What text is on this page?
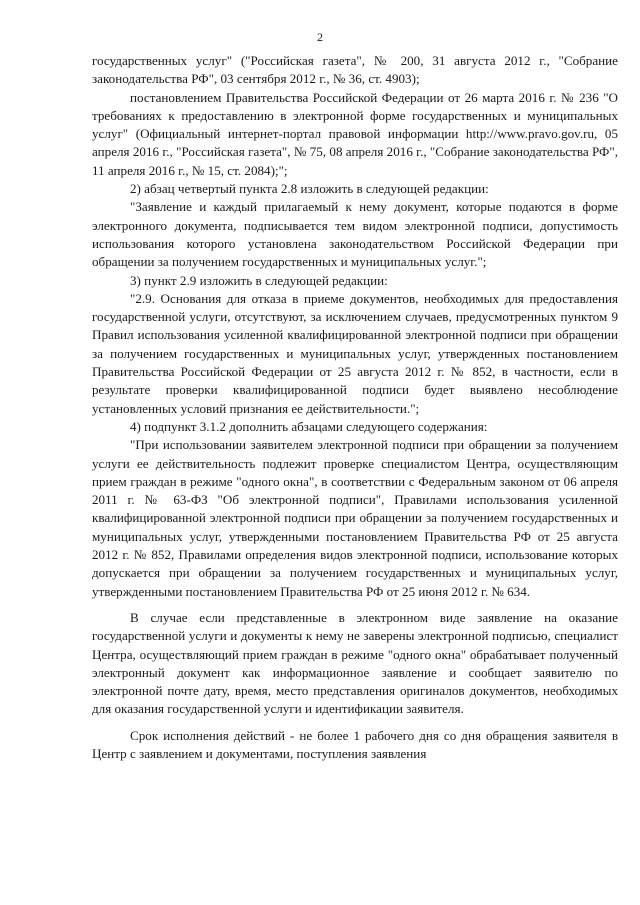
2

государственных услуг" ("Российская газета", № 200, 31 августа 2012 г., "Собрание законодательства РФ", 03 сентября 2012 г., № 36, ст. 4903);

постановлением Правительства Российской Федерации от 26 марта 2016 г. № 236 "О требованиях к предоставлению в электронной форме государственных и муниципальных услуг" (Официальный интернет-портал правовой информации http://www.pravo.gov.ru, 05 апреля 2016 г., "Российская газета", № 75, 08 апреля 2016 г., "Собрание законодательства РФ", 11 апреля 2016 г., № 15, ст. 2084);";

2) абзац четвертый пункта 2.8 изложить в следующей редакции:

"Заявление и каждый прилагаемый к нему документ, которые подаются в форме электронного документа, подписывается тем видом электронной подписи, допустимость использования которого установлена законодательством Российской Федерации при обращении за получением государственных и муниципальных услуг.";

3) пункт 2.9 изложить в следующей редакции:

"2.9. Основания для отказа в приеме документов, необходимых для предоставления государственной услуги, отсутствуют, за исключением случаев, предусмотренных пунктом 9 Правил использования усиленной квалифицированной электронной подписи при обращении за получением государственных и муниципальных услуг, утвержденных постановлением Правительства Российской Федерации от 25 августа 2012 г. № 852, в частности, если в результате проверки квалифицированной подписи будет выявлено несоблюдение установленных условий признания ее действительности.";

4) подпункт 3.1.2 дополнить абзацами следующего содержания:

"При использовании заявителем электронной подписи при обращении за получением услуги ее действительность подлежит проверке специалистом Центра, осуществляющим прием граждан в режиме "одного окна", в соответствии с Федеральным законом от 06 апреля 2011 г. № 63-ФЗ "Об электронной подписи", Правилами использования усиленной квалифицированной электронной подписи при обращении за получением государственных и муниципальных услуг, утвержденными постановлением Правительства РФ от 25 августа 2012 г. № 852, Правилами определения видов электронной подписи, использование которых допускается при обращении за получением государственных и муниципальных услуг, утвержденными постановлением Правительства РФ от 25 июня 2012 г. № 634.

В случае если представленные в электронном виде заявление на оказание государственной услуги и документы к нему не заверены электронной подписью, специалист Центра, осуществляющий прием граждан в режиме "одного окна" обрабатывает полученный электронный документ как информационное заявление и сообщает заявителю по электронной почте дату, время, место представления оригиналов документов, необходимых для оказания государственной услуги и идентификации заявителя.

Срок исполнения действий - не более 1 рабочего дня со дня обращения заявителя в Центр с заявлением и документами, поступления заявления
